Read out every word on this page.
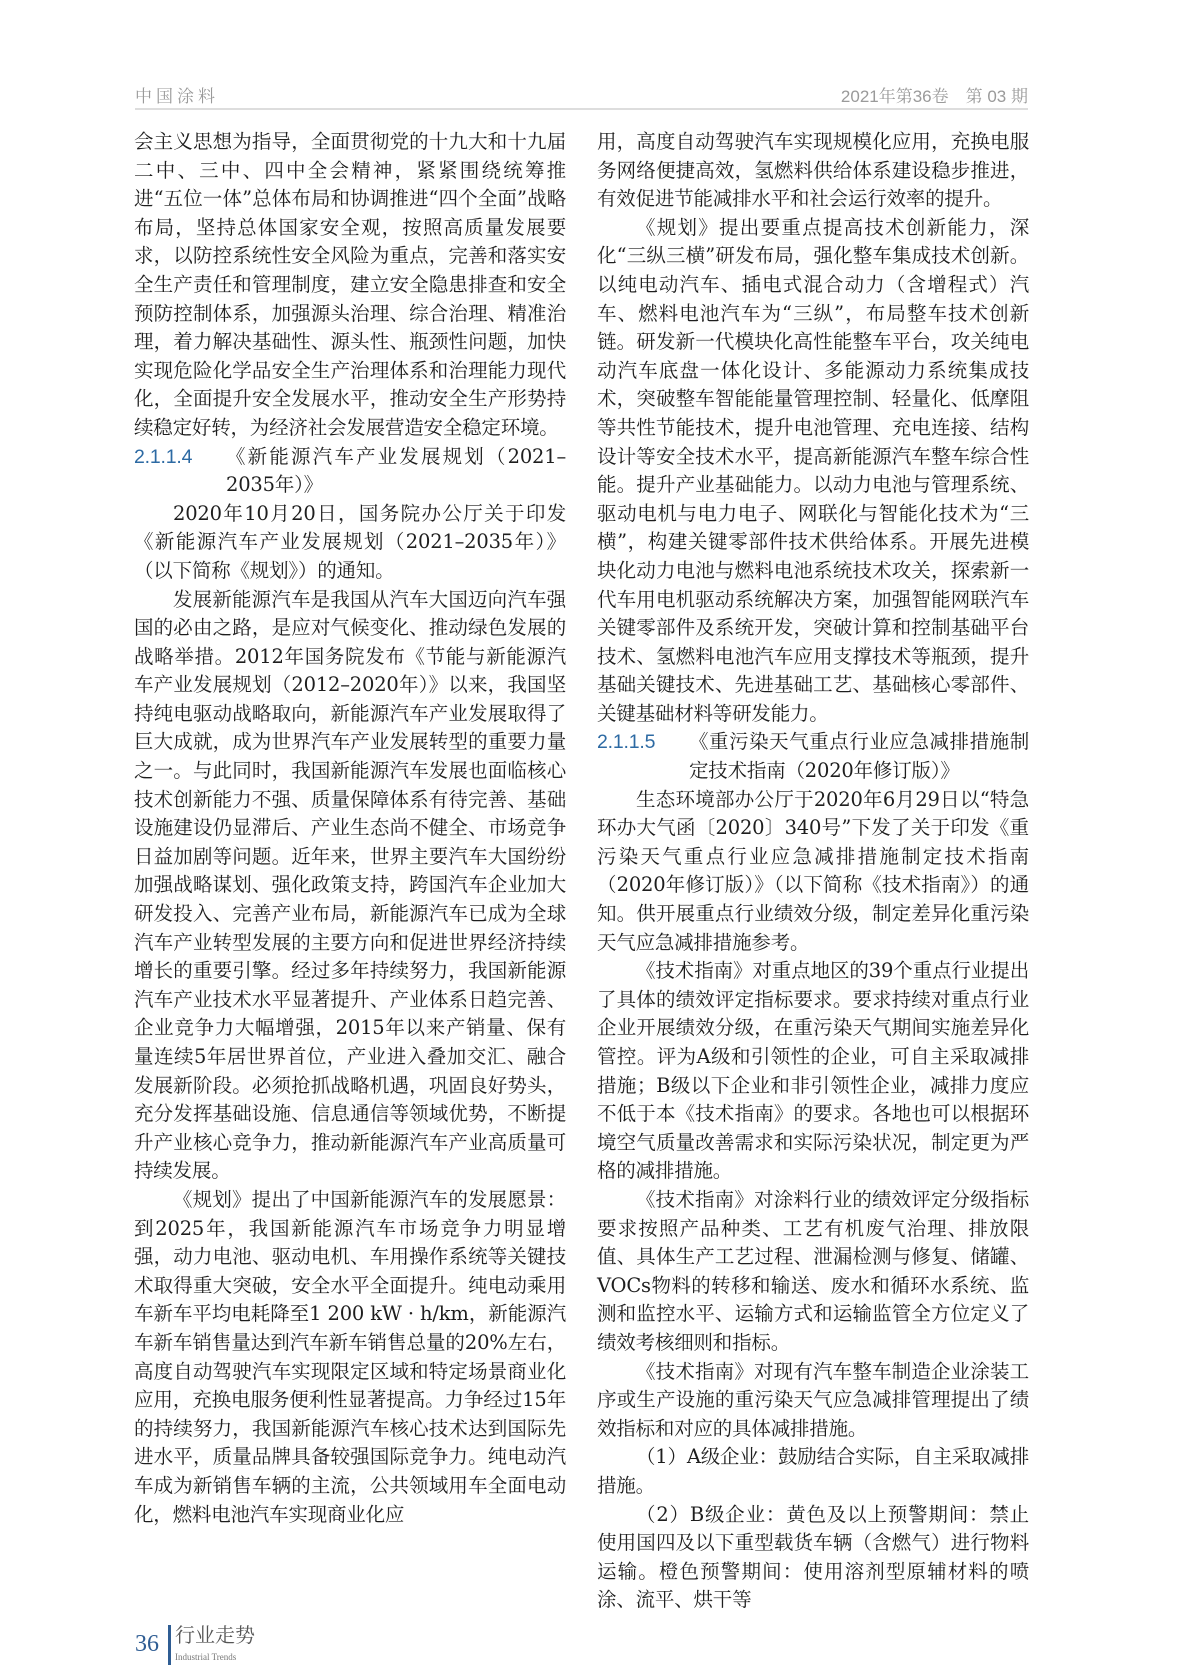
中国涂料	2021年第36卷　第 03 期

会主义思想为指导，全面贯彻党的十九大和十九届二中、三中、四中全会精神，紧紧围绕统筹推进“五位一体”总体布局和协调推进“四个全面”战略布局，坚持总体国家安全观，按照高质量发展要求，以防控系统性安全风险为重点，完善和落实安全生产责任和管理制度，建立安全隐患排查和安全预防控制体系，加强源头治理、综合治理、精准治理，着力解决基础性、源头性、瓶颈性问题，加快实现危险化学品安全生产治理体系和治理能力现代化，全面提升安全发展水平，推动安全生产形势持续稳定好转，为经济社会发展营造安全稳定环境。

2.1.1.4	《新能源汽车产业发展规划（2021–2035年）》

2020年10月20日，国务院办公厅关于印发《新能源汽车产业发展规划（2021–2035年）》（以下简称《规划》）的通知。

发展新能源汽车是我国从汽车大国迈向汽车强国的必由之路，是应对气候变化、推动绿色发展的战略举措。2012年国务院发布《节能与新能源汽车产业发展规划（2012–2020年）》以来，我国坚持纯电驱动战略取向，新能源汽车产业发展取得了巨大成就，成为世界汽车产业发展转型的重要力量之一。与此同时，我国新能源汽车发展也面临核心技术创新能力不强、质量保障体系有待完善、基础设施建设仍显滞后、产业生态尚不健全、市场竞争日益加剧等问题。近年来，世界主要汽车大国纷纷加强战略谋划、强化政策支持，跨国汽车企业加大研发投入、完善产业布局，新能源汽车已成为全球汽车产业转型发展的主要方向和促进世界经济持续增长的重要引擎。经过多年持续努力，我国新能源汽车产业技术水平显著提升、产业体系日趋完善、企业竞争力大幅增强，2015年以来产销量、保有量连续5年居世界首位，产业进入叠加交汇、融合发展新阶段。必须抢抓战略机遇，巩固良好势头，充分发挥基础设施、信息通信等领域优势，不断提升产业核心竞争力，推动新能源汽车产业高质量可持续发展。

《规划》提出了中国新能源汽车的发展愿景：到2025年，我国新能源汽车市场竞争力明显增强，动力电池、驱动电机、车用操作系统等关键技术取得重大突破，安全水平全面提升。纯电动乘用车新车平均电耗降至1 200 kW · h/km，新能源汽车新车销售量达到汽车新车销售总量的20%左右，高度自动驾驶汽车实现限定区域和特定场景商业化应用，充换电服务便利性显著提高。力争经过15年的持续努力，我国新能源汽车核心技术达到国际先进水平，质量品牌具备较强国际竞争力。纯电动汽车成为新销售车辆的主流，公共领域用车全面电动化，燃料电池汽车实现商业化应

用，高度自动驾驶汽车实现规模化应用，充换电服务网络便捷高效，氢燃料供给体系建设稳步推进，有效促进节能减排水平和社会运行效率的提升。

《规划》提出要重点提高技术创新能力，深化“三纵三横”研发布局，强化整车集成技术创新。以纯电动汽车、插电式混合动力（含增程式）汽车、燃料电池汽车为“三纵”，布局整车技术创新链。研发新一代模块化高性能整车平台，攻关纯电动汽车底盘一体化设计、多能源动力系统集成技术，突破整车智能能量管理控制、轻量化、低摩阻等共性节能技术，提升电池管理、充电连接、结构设计等安全技术水平，提高新能源汽车整车综合性能。提升产业基础能力。以动力电池与管理系统、驱动电机与电力电子、网联化与智能化技术为“三横”，构建关键零部件技术供给体系。开展先进模块化动力电池与燃料电池系统技术攻关，探索新一代车用电机驱动系统解决方案，加强智能网联汽车关键零部件及系统开发，突破计算和控制基础平台技术、氢燃料电池汽车应用支撑技术等瓶颈，提升基础关键技术、先进基础工艺、基础核心零部件、关键基础材料等研发能力。

2.1.1.5	《重污染天气重点行业应急减排措施制定技术指南（2020年修订版）》

生态环境部办公厅于2020年6月29日以“特急环办大气函〔2020〕340号”下发了关于印发《重污染天气重点行业应急减排措施制定技术指南（2020年修订版）》（以下简称《技术指南》）的通知。供开展重点行业绩效分级，制定差异化重污染天气应急减排措施参考。

《技术指南》对重点地区的39个重点行业提出了具体的绩效评定指标要求。要求持续对重点行业企业开展绩效分级，在重污染天气期间实施差异化管控。评为A级和引领性的企业，可自主采取减排措施；B级以下企业和非引领性企业，减排力度应不低于本《技术指南》的要求。各地也可以根据环境空气质量改善需求和实际污染状况，制定更为严格的减排措施。

《技术指南》对涂料行业的绩效评定分级指标要求按照产品种类、工艺有机废气治理、排放限值、具体生产工艺过程、泄漏检测与修复、储罐、VOCs物料的转移和输送、废水和循环水系统、监测和监控水平、运输方式和运输监管全方位定义了绩效考核细则和指标。

《技术指南》对现有汽车整车制造企业涂装工序或生产设施的重污染天气应急减排管理提出了绩效指标和对应的具体减排措施。

（1）A级企业：鼓励结合实际，自主采取减排措施。

（2）B级企业：黄色及以上预警期间：禁止使用国四及以下重型载货车辆（含燃气）进行物料运输。橙色预警期间：使用溶剂型原辅材料的喷涂、流平、烘干等

36 行业走势
Industrial Trends
